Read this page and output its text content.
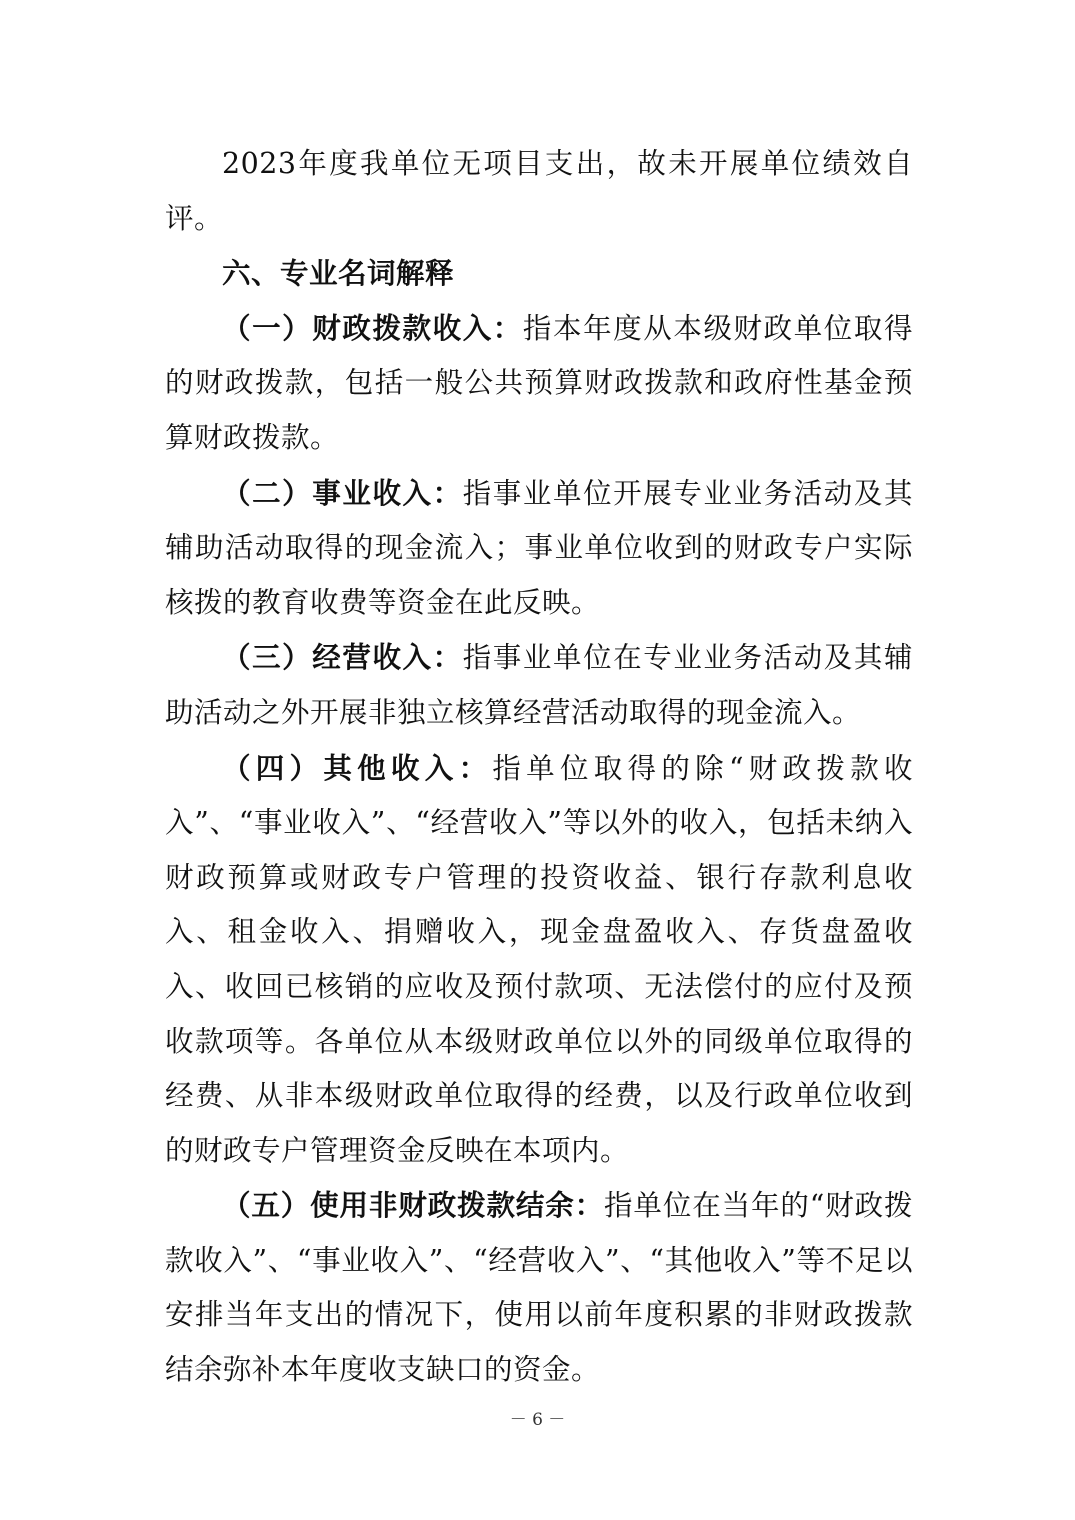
2023年度我单位无项目支出，故未开展单位绩效自评。

六、专业名词解释

（一）财政拨款收入：指本年度从本级财政单位取得的财政拨款，包括一般公共预算财政拨款和政府性基金预算财政拨款。

（二）事业收入：指事业单位开展专业业务活动及其辅助活动取得的现金流入；事业单位收到的财政专户实际核拨的教育收费等资金在此反映。

（三）经营收入：指事业单位在专业业务活动及其辅助活动之外开展非独立核算经营活动取得的现金流入。

（四）其他收入：指单位取得的除“财政拨款收入”、“事业收入”、“经营收入”等以外的收入，包括未纳入财政预算或财政专户管理的投资收益、银行存款利息收入、租金收入、捐赠收入，现金盘盈收入、存货盘盈收入、收回已核销的应收及预付款项、无法偿付的应付及预收款项等。各单位从本级财政单位以外的同级单位取得的经费、从非本级财政单位取得的经费，以及行政单位收到的财政专户管理资金反映在本项内。

（五）使用非财政拨款结余：指单位在当年的“财政拨款收入”、“事业收入”、“经营收入”、“其他收入”等不足以安排当年支出的情况下，使用以前年度积累的非财政拨款结余弥补本年度收支缺口的资金。

－ 6 －
